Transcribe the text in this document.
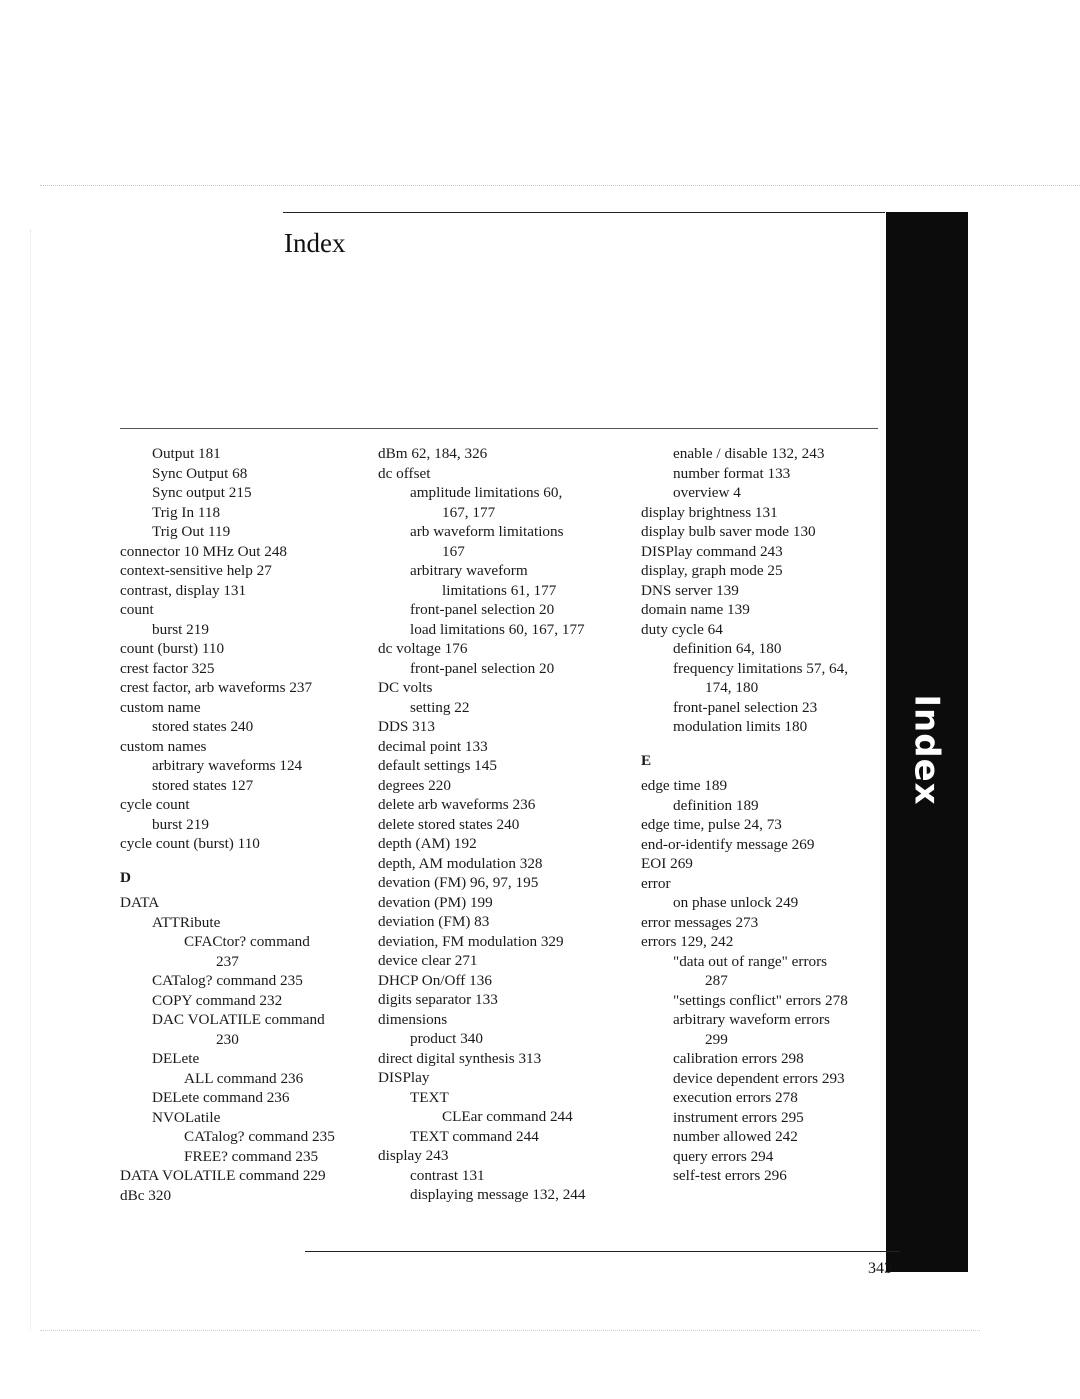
Index
Index
Output 181
Sync Output 68
Sync output 215
Trig In 118
Trig Out 119
connector 10 MHz Out 248
context-sensitive help 27
contrast, display 131
count
burst 219
count (burst) 110
crest factor 325
crest factor, arb waveforms 237
custom name
stored states 240
custom names
arbitrary waveforms 124
stored states 127
cycle count
burst 219
cycle count (burst) 110
D
DATA
ATTRibute
CFACtor? command
237
CATalog? command 235
COPY command 232
DAC VOLATILE command
230
DELete
ALL command 236
DELete command 236
NVOLatile
CATalog? command 235
FREE? command 235
DATA VOLATILE command 229
dBc 320
dBm 62, 184, 326
dc offset
amplitude limitations 60,
167, 177
arb waveform limitations
167
arbitrary waveform
limitations 61, 177
front-panel selection 20
load limitations 60, 167, 177
dc voltage 176
front-panel selection 20
DC volts
setting 22
DDS 313
decimal point 133
default settings 145
degrees 220
delete arb waveforms 236
delete stored states 240
depth (AM) 192
depth, AM modulation 328
devation (FM) 96, 97, 195
devation (PM) 199
deviation (FM) 83
deviation, FM modulation 329
device clear 271
DHCP On/Off 136
digits separator 133
dimensions
product 340
direct digital synthesis 313
DISPlay
TEXT
CLEar command 244
TEXT command 244
display 243
contrast 131
displaying message 132, 244
enable / disable 132, 243
number format 133
overview 4
display brightness 131
display bulb saver mode 130
DISPlay command 243
display, graph mode 25
DNS server 139
domain name 139
duty cycle 64
definition 64, 180
frequency limitations 57, 64,
174, 180
front-panel selection 23
modulation limits 180
E
edge time 189
definition 189
edge time, pulse 24, 73
end-or-identify message 269
EOI 269
error
on phase unlock 249
error messages 273
errors 129, 242
"data out of range" errors
287
"settings conflict" errors 278
arbitrary waveform errors
299
calibration errors 298
device dependent errors 293
execution errors 278
instrument errors 295
number allowed 242
query errors 294
self-test errors 296
343
